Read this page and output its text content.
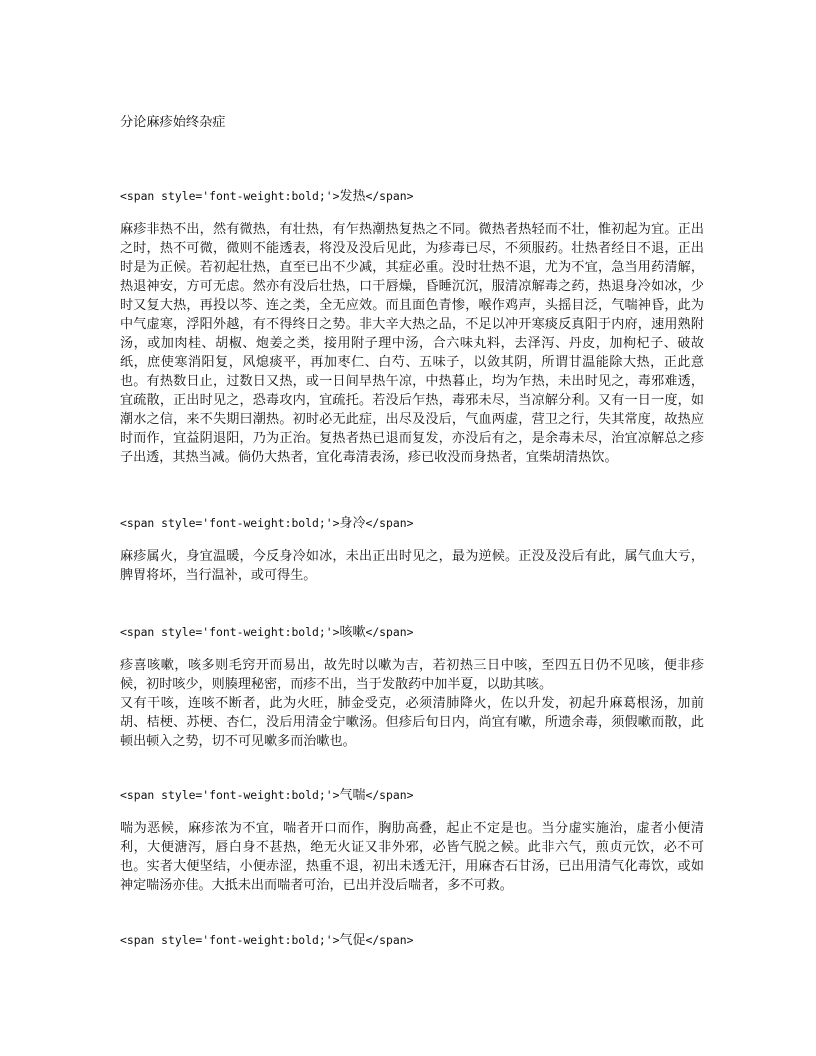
分论麻疹始终杂症
<span style='font-weight:bold;'>发热</span>

麻疹非热不出，然有微热，有壮热，有乍热潮热复热之不同。微热者热轻而不壮，惟初起为宜。正出之时，热不可微，微则不能透表，将没及没后见此，为疹毒已尽，不须服药。壮热者经日不退，正出时是为正候。若初起壮热，直至已出不少减，其症必重。没时壮热不退，尤为不宜，急当用药清解，热退神安，方可无虑。然亦有没后壮热，口干唇燥，昏睡沉沉，服清凉解毒之药，热退身冷如冰，少时又复大热，再投以芩、连之类，全无应效。而且面色青惨，喉作鸡声，头摇目泛，气喘神昏，此为中气虚寒，浮阳外越，有不得终日之势。非大辛大热之品，不足以冲开寒痰反真阳于内府，速用熟附汤，或加肉桂、胡椒、炮姜之类，接用附子理中汤，合六味丸料，去泽泻、丹皮，加枸杞子、破故纸，庶使寒消阳复，风熄痰平，再加枣仁、白芍、五味子，以敛其阴，所谓甘温能除大热，正此意也。有热数日止，过数日又热，或一日间早热午凉，中热暮止，均为乍热，未出时见之，毒邪难透，宜疏散，正出时见之，恐毒攻内，宜疏托。若没后乍热，毒邪未尽，当凉解分利。又有一日一度，如潮水之信，来不失期曰潮热。初时必无此症，出尽及没后，气血两虚，营卫之行，失其常度，故热应时而作，宜益阴退阳，乃为正治。复热者热已退而复发，亦没后有之，是余毒未尽，治宜凉解总之疹子出透，其热当减。倘仍大热者，宜化毒清表汤，疹已收没而身热者，宜柴胡清热饮。

<span style='font-weight:bold;'>身冷</span>

麻疹属火，身宜温暖，今反身冷如冰，未出正出时见之，最为逆候。正没及没后有此，属气血大亏，脾胃将坏，当行温补，或可得生。

<span style='font-weight:bold;'>咳嗽</span>

疹喜咳嗽，咳多则毛窍开而易出，故先时以嗽为吉，若初热三日中咳，至四五日仍不见咳，便非疹候，初时咳少，则腠理秘密，而疹不出，当于发散药中加半夏，以助其咳。

又有干咳，连咳不断者，此为火旺，肺金受克，必须清肺降火，佐以升发，初起升麻葛根汤，加前胡、桔梗、苏梗、杏仁，没后用清金宁嗽汤。但疹后旬日内，尚宜有嗽，所遗余毒，须假嗽而散，此顿出顿入之势，切不可见嗽多而治嗽也。

<span style='font-weight:bold;'>气喘</span>

喘为恶候，麻疹浓为不宜，喘者开口而作，胸肋高叠，起止不定是也。当分虚实施治，虚者小便清利，大便溏泻，唇白身不甚热，绝无火证又非外邪，必皆气脱之候。此非六气，煎贞元饮，必不可也。实者大便坚结，小便赤涩，热重不退，初出未透无汗，用麻杏石甘汤，已出用清气化毒饮，或如神定喘汤亦佳。大抵未出而喘者可治，已出并没后喘者，多不可救。

<span style='font-weight:bold;'>气促</span>
